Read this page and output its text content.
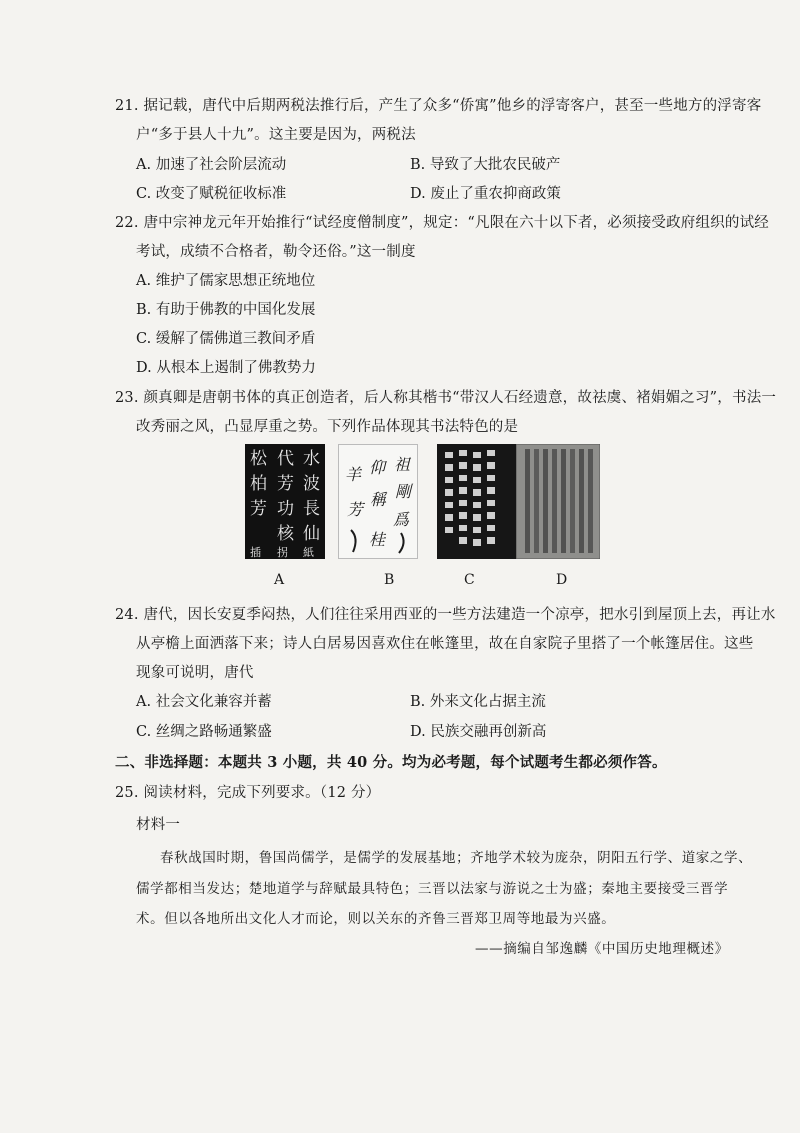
21. 据记载，唐代中后期两税法推行后，产生了众多“侨寓”他乡的浮寄客户，甚至一些地方的浮寄客
户“多于县人十九”。这主要是因为，两税法
A. 加速了社会阶层流动	B. 导致了大批农民破产
C. 改变了赋税征收标准	D. 废止了重农抑商政策
22. 唐中宗神龙元年开始推行“试经度僧制度”，规定：“凡限在六十以下者，必须接受政府组织的试经
考试，成绩不合格者，勒令还俗。”这一制度
A. 维护了儒家思想正统地位
B. 有助于佛教的中国化发展
C. 缓解了儒佛道三教间矛盾
D. 从根本上遏制了佛教势力
23. 颜真卿是唐朝书体的真正创造者，后人称其楷书“带汉人石经遗意，故祛虞、褚娟媚之习”，书法一
改秀丽之风，凸显厚重之势。下列作品体现其书法特色的是
水
波
長
仙
紙
代
芳
功
核
拐
松
柏
芳
插
祖
剛
爲
仰
稱
羊
芳
桂
A	B	C	D
24. 唐代，因长安夏季闷热，人们往往采用西亚的一些方法建造一个凉亭，把水引到屋顶上去，再让水
从亭檐上面洒落下来；诗人白居易因喜欢住在帐篷里，故在自家院子里搭了一个帐篷居住。这些
现象可说明，唐代
A. 社会文化兼容并蓄	B. 外来文化占据主流
C. 丝绸之路畅通繁盛	D. 民族交融再创新高
二、非选择题：本题共 3 小题，共 40 分。均为必考题，每个试题考生都必须作答。
25. 阅读材料，完成下列要求。（12 分）
材料一
春秋战国时期，鲁国尚儒学，是儒学的发展基地；齐地学术较为庞杂，阴阳五行学、道家之学、
儒学都相当发达；楚地道学与辞赋最具特色；三晋以法家与游说之士为盛；秦地主要接受三晋学
术。但以各地所出文化人才而论，则以关东的齐鲁三晋郑卫周等地最为兴盛。
——摘编自邹逸麟《中国历史地理概述》
